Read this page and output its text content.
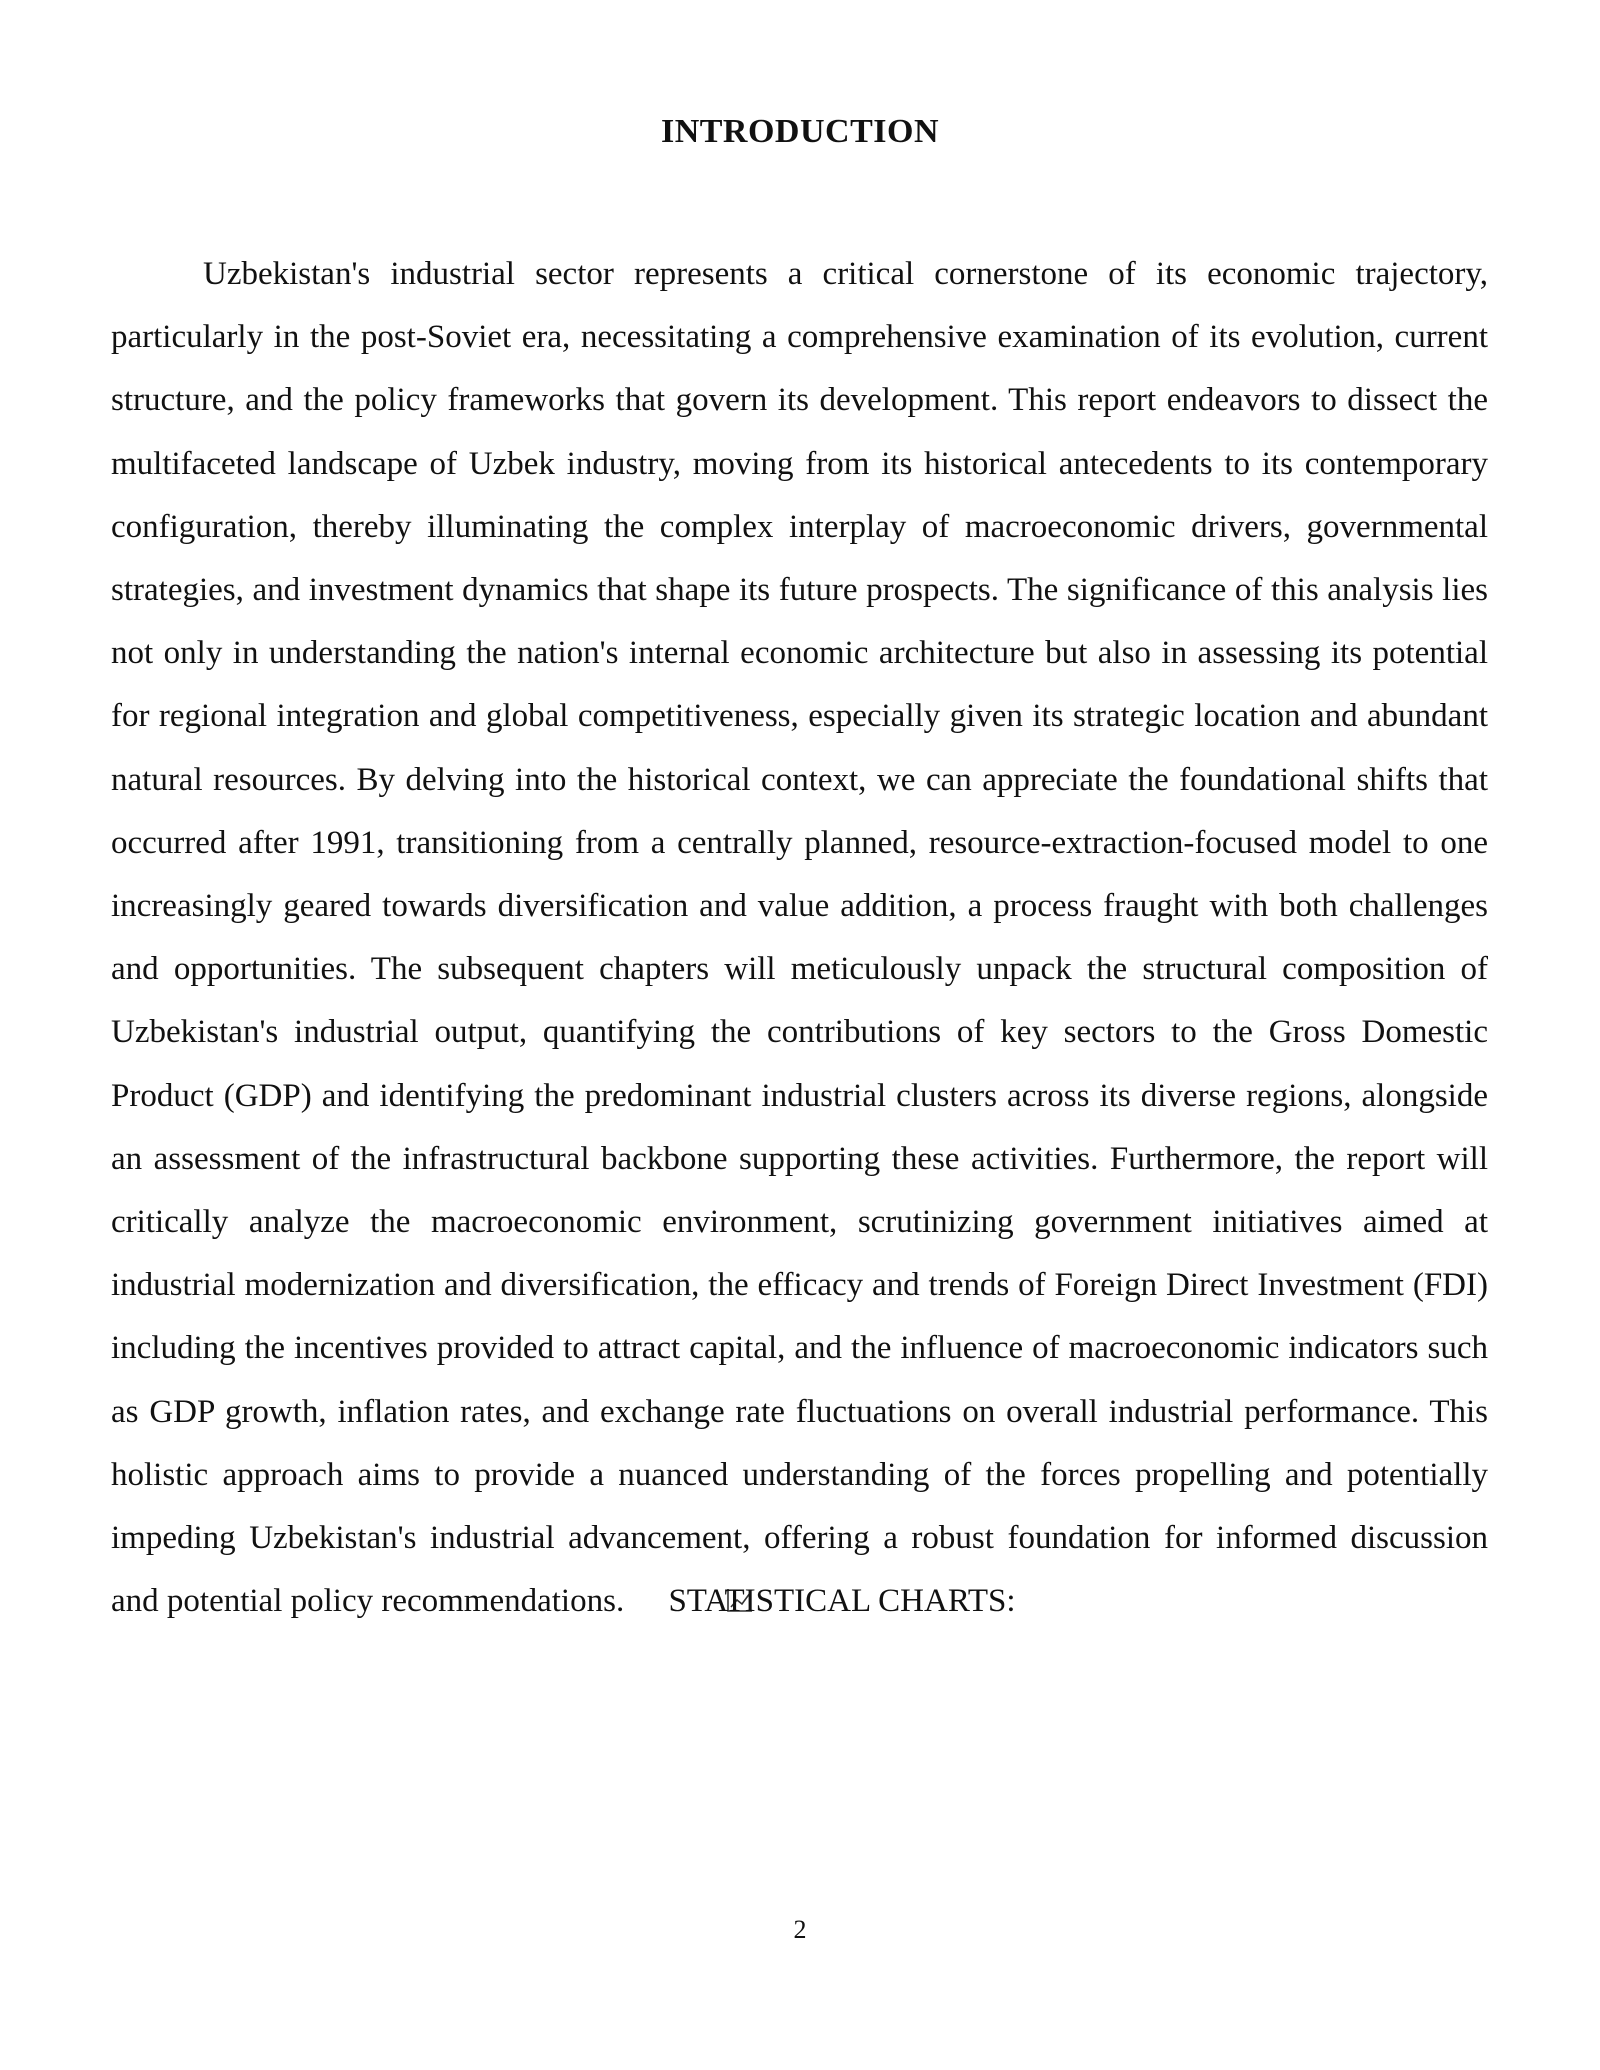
INTRODUCTION

Uzbekistan's industrial sector represents a critical cornerstone of its economic trajectory, particularly in the post-Soviet era, necessitating a comprehensive examination of its evolution, current structure, and the policy frameworks that govern its development. This report endeavors to dissect the multifaceted landscape of Uzbek industry, moving from its historical antecedents to its contemporary configuration, thereby illuminating the complex interplay of macroeconomic drivers, governmental strategies, and investment dynamics that shape its future prospects. The significance of this analysis lies not only in understanding the nation's internal economic architecture but also in assessing its potential for regional integration and global competitiveness, especially given its strategic location and abundant natural resources. By delving into the historical context, we can appreciate the foundational shifts that occurred after 1991, transitioning from a centrally planned, resource-extraction-focused model to one increasingly geared towards diversification and value addition, a process fraught with both challenges and opportunities. The subsequent chapters will meticulously unpack the structural composition of Uzbekistan's industrial output, quantifying the contributions of key sectors to the Gross Domestic Product (GDP) and identifying the predominant industrial clusters across its diverse regions, alongside an assessment of the infrastructural backbone supporting these activities. Furthermore, the report will critically analyze the macroeconomic environment, scrutinizing government initiatives aimed at industrial modernization and diversification, the efficacy and trends of Foreign Direct Investment (FDI) including the incentives provided to attract capital, and the influence of macroeconomic indicators such as GDP growth, inflation rates, and exchange rate fluctuations on overall industrial performance. This holistic approach aims to provide a nuanced understanding of the forces propelling and potentially impeding Uzbekistan's industrial advancement, offering a robust foundation for informed discussion and potential policy recommendations. STATISTICAL CHARTS:

2
